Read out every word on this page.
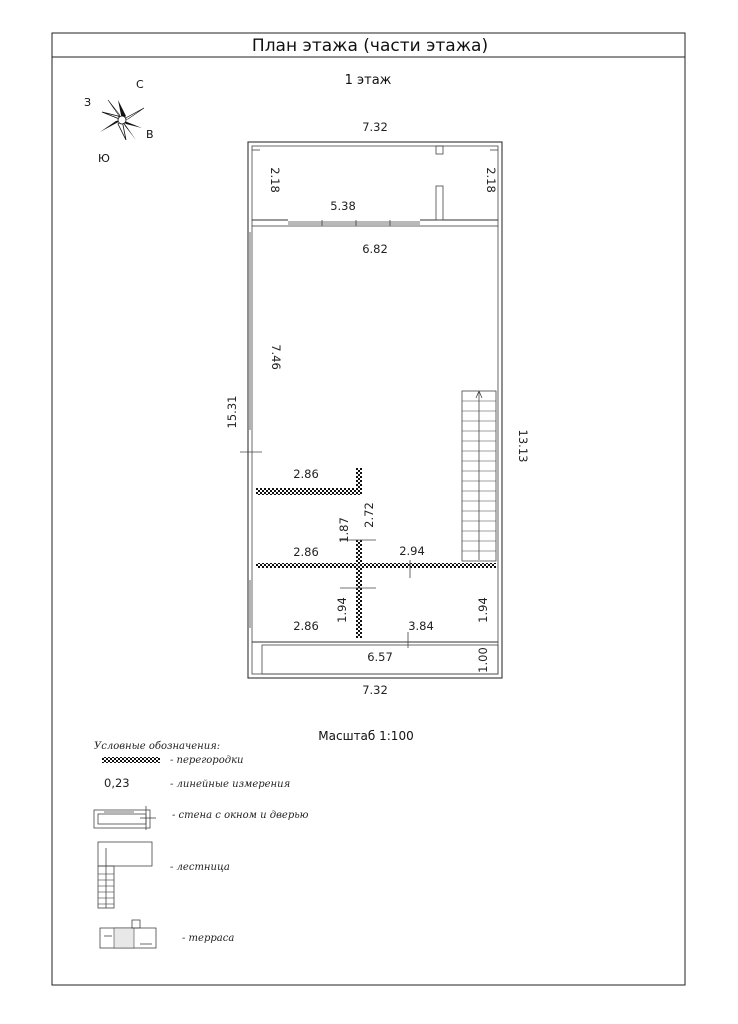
План этажа (части этажа)
1 этаж
С
З
В
Ю
7.32
2.18	2.18
5.38
6.82
7.46
15.31
13.13
2.86
2.72
1.87
2.86	2.94
1.94	1.94
2.86	3.84
6.57	1.00
7.32
Масштаб 1:100
Условные обозначения:
- перегородки
0,23	- линейные измерения
- стена с окном и дверью
- лестница
- терраса
